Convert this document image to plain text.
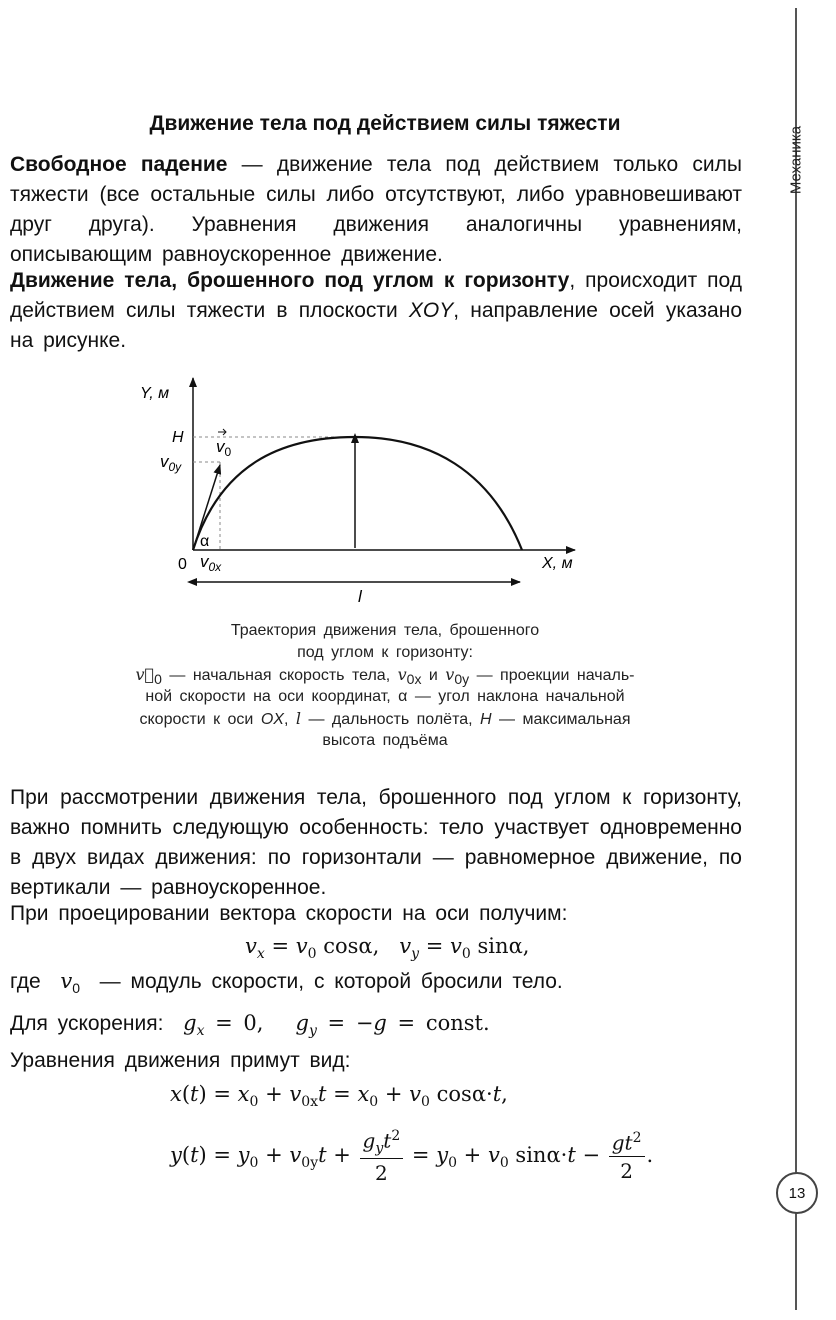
Механика
13
Движение тела под действием силы тяжести
Свободное падение — движение тела под действием только силы тяжести (все остальные силы либо отсутствуют, либо уравновешивают друг друга). Уравнения движения аналогичны уравнениям, описывающим равноускоренное движение.
Движение тела, брошенного под углом к горизонту, происходит под действием силы тяжести в плоскости XOY, направление осей указано на рисунке.
Y, м
H $v_0$
$v_{0y}$
α
0 $v_{0x}$	X, м
l
Траектория движения тела, брошенного
под углом к горизонту:
$v⃗_0$ — начальная скорость тела, $v_{0x}$ и $v_{0y}$ — проекции началь-
ной скорости на оси координат, α — угол наклона начальной
скорости к оси OX, l — дальность полёта, H — максимальная
высота подъёма
При рассмотрении движения тела, брошенного под углом к горизонту, важно помнить следующую особенность: тело участвует одновременно в двух видах движения: по горизонтали — равномерное движение, по вертикали — равноускоренное.
При проецировании вектора скорости на оси получим:
$v_x = v_0$ cosα,   $v_y = v_0$ sinα,
где $v_0$ — модуль скорости, с которой бросили тело.
Для ускорения: $g_x = 0$,   $g_y = -g$ = const.
Уравнения движения примут вид:
$x(t) = x_0 + v_{0x}t = x_0 + v_0$ cosα·t,
$y(t) = y_0 + v_{0y}t + \frac{g_yt^2}{2} = y_0 + v_0$ $\sin\alpha\cdot t - \frac{gt^2}{2}$ .
